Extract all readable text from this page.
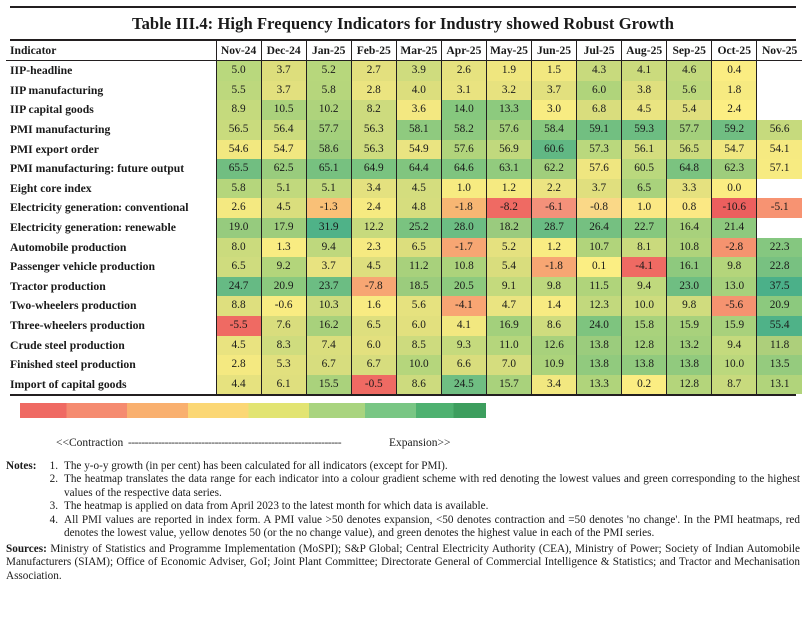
Table III.4: High Frequency Indicators for Industry showed Robust Growth
Indicator	Nov-24	Dec-24	Jan-25	Feb-25	Mar-25	Apr-25	May-25	Jun-25	Jul-25	Aug-25	Sep-25	Oct-25	Nov-25
IIP-headline	5.0	3.7	5.2	2.7	3.9	2.6	1.9	1.5	4.3	4.1	4.6	0.4	
IIP manufacturing	5.5	3.7	5.8	2.8	4.0	3.1	3.2	3.7	6.0	3.8	5.6	1.8	
IIP capital goods	8.9	10.5	10.2	8.2	3.6	14.0	13.3	3.0	6.8	4.5	5.4	2.4	
PMI manufacturing	56.5	56.4	57.7	56.3	58.1	58.2	57.6	58.4	59.1	59.3	57.7	59.2	56.6
PMI export order	54.6	54.7	58.6	56.3	54.9	57.6	56.9	60.6	57.3	56.1	56.5	54.7	54.1
PMI manufacturing: future output	65.5	62.5	65.1	64.9	64.4	64.6	63.1	62.2	57.6	60.5	64.8	62.3	57.1
Eight core index	5.8	5.1	5.1	3.4	4.5	1.0	1.2	2.2	3.7	6.5	3.3	0.0	
Electricity generation: conventional	2.6	4.5	-1.3	2.4	4.8	-1.8	-8.2	-6.1	-0.8	1.0	0.8	-10.6	-5.1
Electricity generation: renewable	19.0	17.9	31.9	12.2	25.2	28.0	18.2	28.7	26.4	22.7	16.4	21.4	
Automobile production	8.0	1.3	9.4	2.3	6.5	-1.7	5.2	1.2	10.7	8.1	10.8	-2.8	22.3
Passenger vehicle production	6.5	9.2	3.7	4.5	11.2	10.8	5.4	-1.8	0.1	-4.1	16.1	9.8	22.8
Tractor production	24.7	20.9	23.7	-7.8	18.5	20.5	9.1	9.8	11.5	9.4	23.0	13.0	37.5
Two-wheelers production	8.8	-0.6	10.3	1.6	5.6	-4.1	4.7	1.4	12.3	10.0	9.8	-5.6	20.9
Three-wheelers production	-5.5	7.6	16.2	6.5	6.0	4.1	16.9	8.6	24.0	15.8	15.9	15.9	55.4
Crude steel production	4.5	8.3	7.4	6.0	8.5	9.3	11.0	12.6	13.8	12.8	13.2	9.4	11.8
Finished steel production	2.8	5.3	6.7	6.7	10.0	6.6	7.0	10.9	13.8	13.8	13.8	10.0	13.5
Import of capital goods	4.4	6.1	15.5	-0.5	8.6	24.5	15.7	3.4	13.3	0.2	12.8	8.7	13.1
<<Contraction ----------------------------------------------------------------	Expansion>>
Notes:	1. The y-o-y growth (in per cent) has been calculated for all indicators (except for PMI).
2. The heatmap translates the data range for each indicator into a colour gradient scheme with red denoting the lowest values and green corresponding to the highest values of the respective data series.
3. The heatmap is applied on data from April 2023 to the latest month for which data is available.
4. All PMI values are reported in index form. A PMI value >50 denotes expansion, <50 denotes contraction and =50 denotes 'no change'. In the PMI heatmaps, red denotes the lowest value, yellow denotes 50 (or the no change value), and green denotes the highest value in each of the PMI series.
Sources: Ministry of Statistics and Programme Implementation (MoSPI); S&P Global; Central Electricity Authority (CEA), Ministry of Power; Society of Indian Automobile Manufacturers (SIAM); Office of Economic Adviser, GoI; Joint Plant Committee; Directorate General of Commercial Intelligence & Statistics; and Tractor and Mechanisation Association.
